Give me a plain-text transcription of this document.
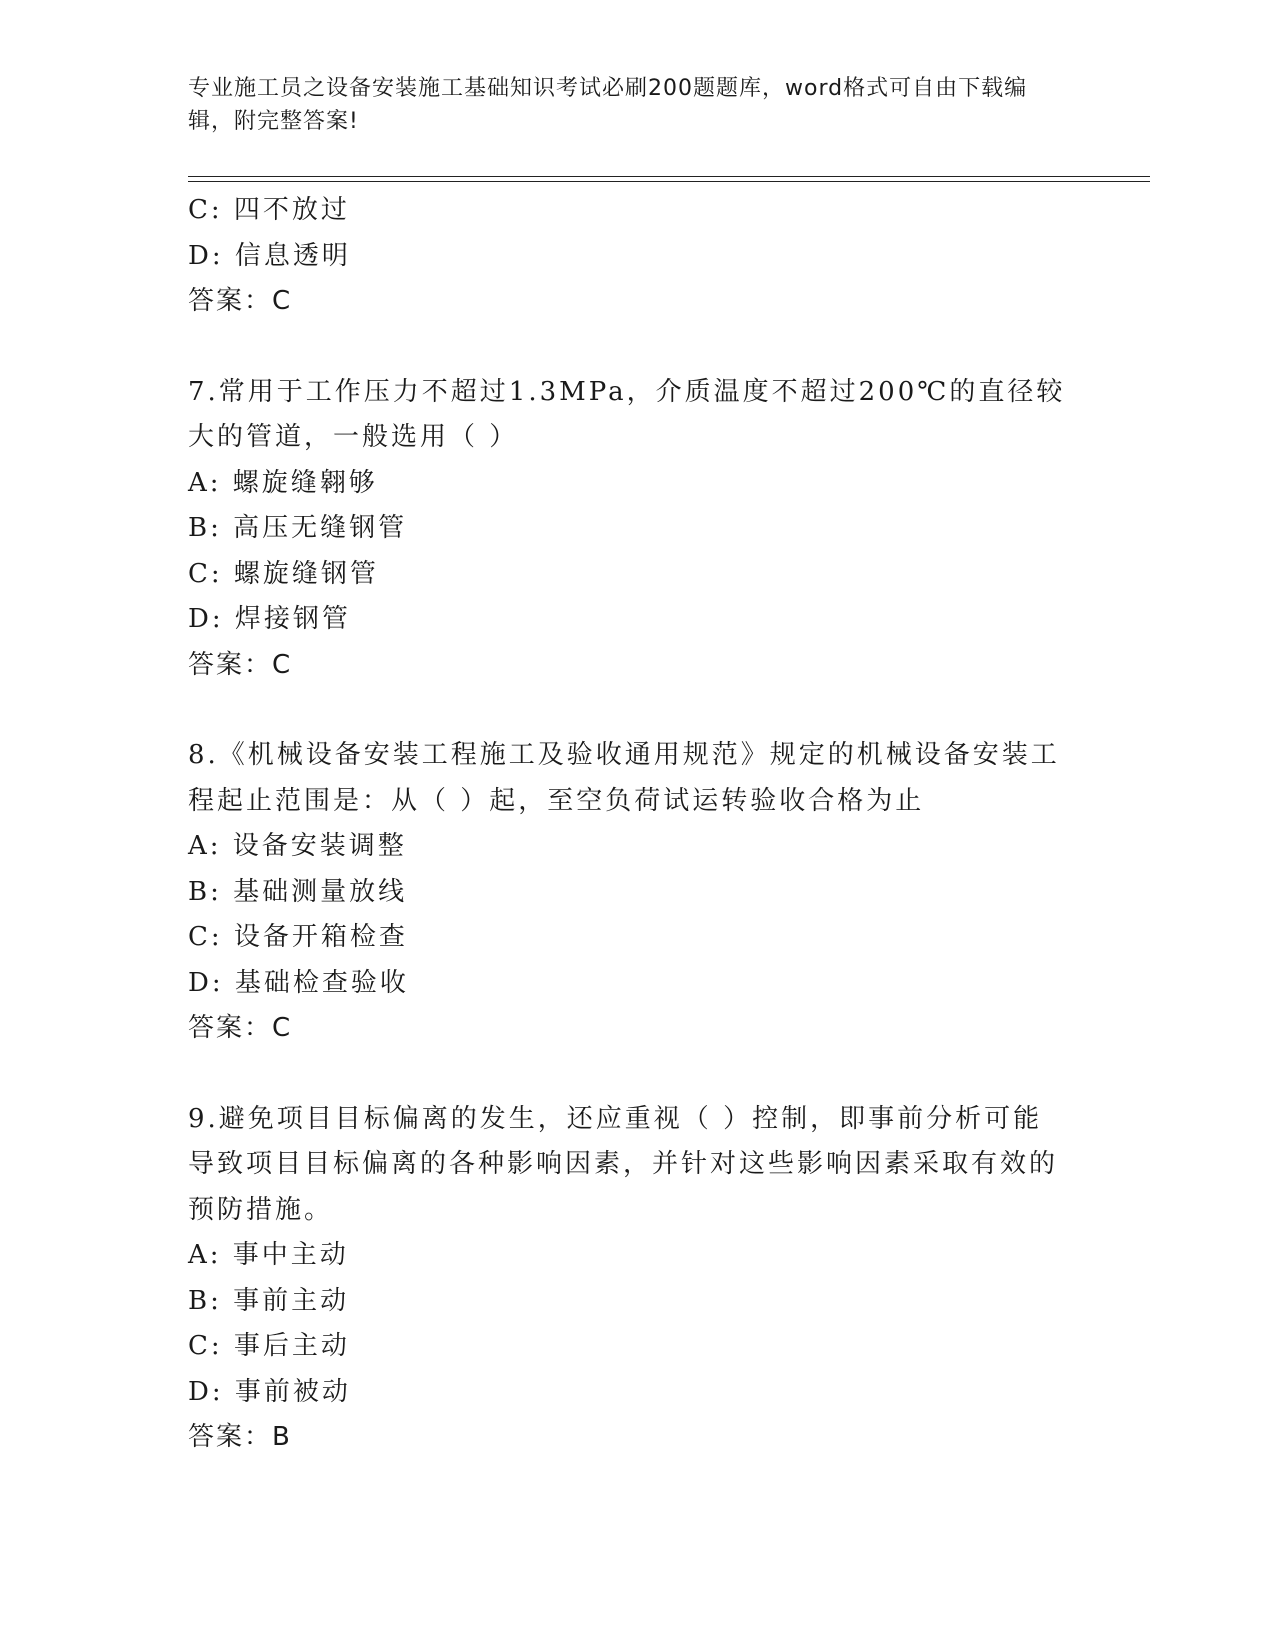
专业施工员之设备安装施工基础知识考试必刷200题题库，word格式可自由下载编辑，附完整答案!
C: 四不放过
D: 信息透明
答案：C
7.常用于工作压力不超过1.3MPa，介质温度不超过200℃的直径较大的管道，一般选用（ ）
A: 螺旋缝翱够
B: 高压无缝钢管
C: 螺旋缝钢管
D: 焊接钢管
答案：C
8.《机械设备安装工程施工及验收通用规范》规定的机械设备安装工程起止范围是：从（ ）起，至空负荷试运转验收合格为止
A: 设备安装调整
B: 基础测量放线
C: 设备开箱检查
D: 基础检查验收
答案：C
9.避免项目目标偏离的发生，还应重视（ ）控制，即事前分析可能导致项目目标偏离的各种影响因素，并针对这些影响因素采取有效的预防措施。
A: 事中主动
B: 事前主动
C: 事后主动
D: 事前被动
答案：B
